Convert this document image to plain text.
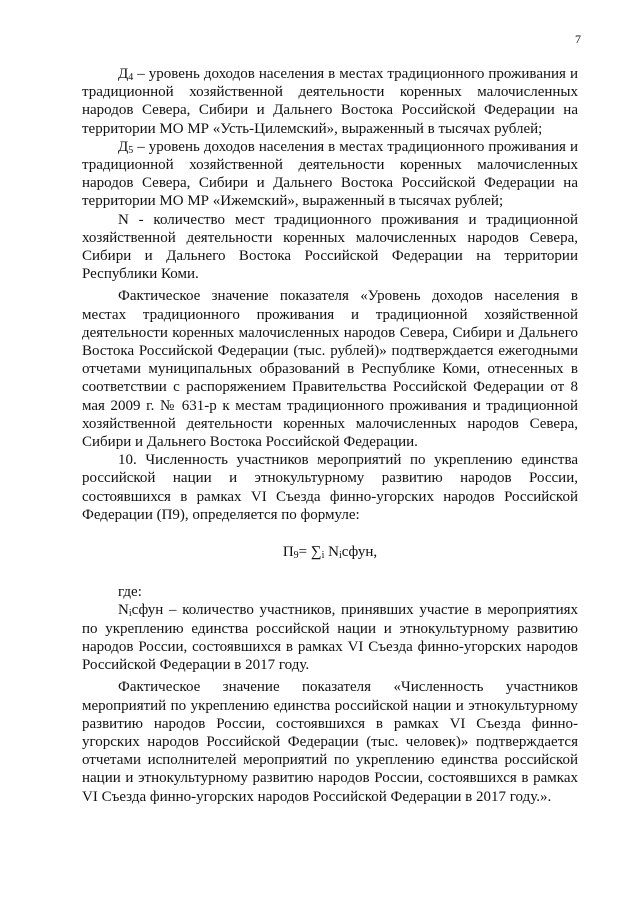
7

$Д_4$ – уровень доходов населения в местах традиционного проживания и традиционной хозяйственной деятельности коренных малочисленных народов Севера, Сибири и Дальнего Востока Российской Федерации на территории МО МР «Усть-Цилемский», выраженный в тысячах рублей;

$Д_5$ – уровень доходов населения в местах традиционного проживания и традиционной хозяйственной деятельности коренных малочисленных народов Севера, Сибири и Дальнего Востока Российской Федерации на территории МО МР «Ижемский», выраженный в тысячах рублей;

N - количество мест традиционного проживания и традиционной хозяйственной деятельности коренных малочисленных народов Севера, Сибири и Дальнего Востока Российской Федерации на территории Республики Коми.

Фактическое значение показателя «Уровень доходов населения в местах традиционного проживания и традиционной хозяйственной деятельности коренных малочисленных народов Севера, Сибири и Дальнего Востока Российской Федерации (тыс. рублей)» подтверждается ежегодными отчетами муниципальных образований в Республике Коми, отнесенных в соответствии с распоряжением Правительства Российской Федерации от 8 мая 2009 г. № 631-р к местам традиционного проживания и традиционной хозяйственной деятельности коренных малочисленных народов Севера, Сибири и Дальнего Востока Российской Федерации.

10. Численность участников мероприятий по укреплению единства российской нации и этнокультурному развитию народов России, состоявшихся в рамках VI Съезда финно-угорских народов Российской Федерации (П9), определяется по формуле:

$П_9= \sum_i$ $N_iсфун$,

где:

$N_iсфун$ – количество участников, принявших участие в мероприятиях по укреплению единства российской нации и этнокультурному развитию народов России, состоявшихся в рамках VI Съезда финно-угорских народов Российской Федерации в 2017 году.

Фактическое значение показателя «Численность участников мероприятий по укреплению единства российской нации и этнокультурному развитию народов России, состоявшихся в рамках VI Съезда финно-угорских народов Российской Федерации (тыс. человек)» подтверждается отчетами исполнителей мероприятий по укреплению единства российской нации и этнокультурному развитию народов России, состоявшихся в рамках VI Съезда финно-угорских народов Российской Федерации в 2017 году.».
